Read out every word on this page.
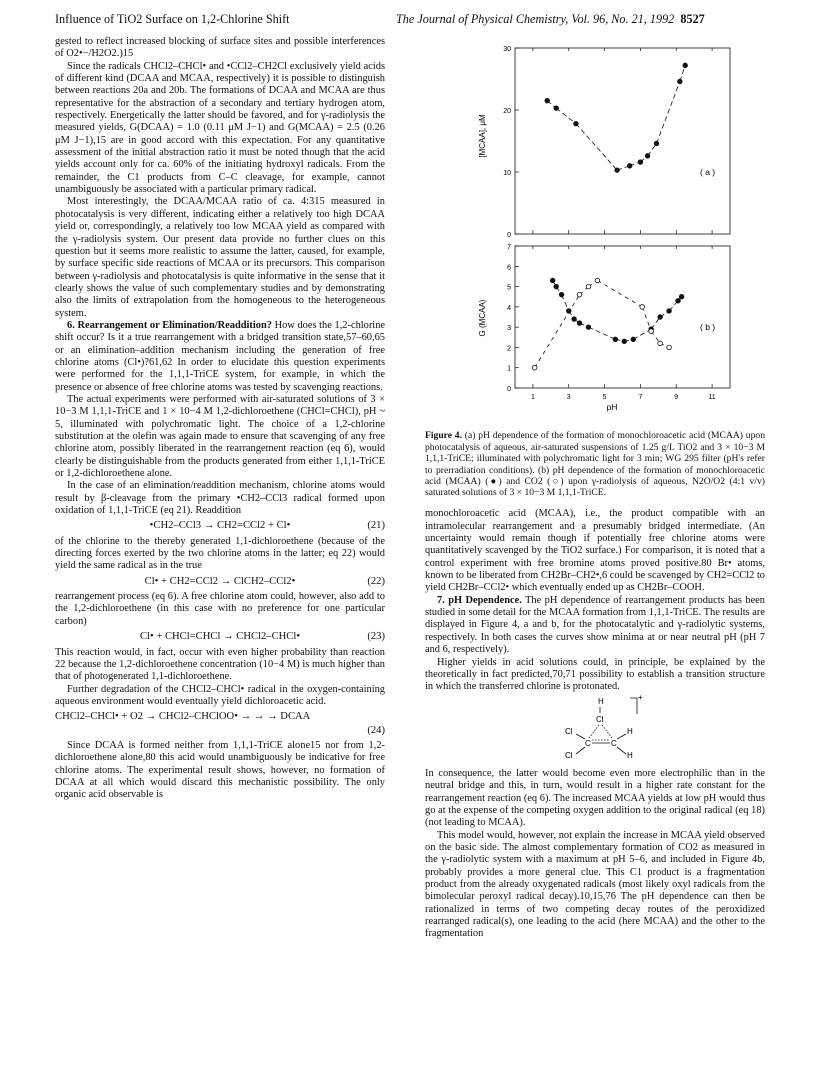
Influence of TiO2 Surface on 1,2-Chlorine Shift	The Journal of Physical Chemistry, Vol. 96, No. 21, 1992 8527

gested to reflect increased blocking of surface sites and possible interferences of O2•−/H2O2.)15

Since the radicals CHCl2–CHCl• and •CCl2–CH2Cl exclusively yield acids of different kind (DCAA and MCAA, respectively) it is possible to distinguish between reactions 20a and 20b. The formations of DCAA and MCAA are thus representative for the abstraction of a secondary and tertiary hydrogen atom, respectively. Energetically the latter should be favored, and for γ-radiolysis the measured yields, G(DCAA) = 1.0 (0.11 μM J−1) and G(MCAA) = 2.5 (0.26 μM J−1),15 are in good accord with this expectation. For any quantitative assessment of the initial abstraction ratio it must be noted though that the acid yields account only for ca. 60% of the initiating hydroxyl radicals. From the remainder, the C1 products from C–C cleavage, for example, cannot unambiguously be associated with a particular primary radical.

Most interestingly, the DCAA/MCAA ratio of ca. 4:315 measured in photocatalysis is very different, indicating either a relatively too high DCAA yield or, correspondingly, a relatively too low MCAA yield as compared with the γ-radiolysis system. Our present data provide no further clues on this question but it seems more realistic to assume the latter, caused, for example, by surface specific side reactions of MCAA or its precursors. This comparison between γ-radiolysis and photocatalysis is quite informative in the sense that it clearly shows the value of such complementary studies and by demonstrating also the limits of extrapolation from the homogeneous to the heterogeneous system.

6. Rearrangement or Elimination/Readdition? How does the 1,2-chlorine shift occur? Is it a true rearrangement with a bridged transition state,57–60,65 or an elimination–addition mechanism including the generation of free chlorine atoms (Cl•)?61,62 In order to elucidate this question experiments were performed for the 1,1,1-TriCE system, for example, in which the presence or absence of free chlorine atoms was tested by scavenging reactions.

The actual experiments were performed with air-saturated solutions of 3 × 10−3 M 1,1,1-TriCE and 1 × 10−4 M 1,2-dichloroethene (CHCl=CHCl), pH ~ 5, illuminated with polychromatic light. The choice of a 1,2-chlorine substitution at the olefin was again made to ensure that scavenging of any free chlorine atom, possibly liberated in the rearrangement reaction (eq 6), would clearly be distinguishable from the products generated from either 1,1,1-TriCE or 1,2-dichloroethene alone.

In the case of an elimination/readdition mechanism, chlorine atoms would result by β-cleavage from the primary •CH2–CCl3 radical formed upon oxidation of 1,1,1-TriCE (eq 21). Readdition

•CH2–CCl3 → CH2=CCl2 + Cl•	(21)

of the chlorine to the thereby generated 1,1-dichloroethene (because of the directing forces exerted by the two chlorine atoms in the latter; eq 22) would yield the same radical as in the true

Cl• + CH2=CCl2 → ClCH2–CCl2•	(22)

rearrangement process (eq 6). A free chlorine atom could, however, also add to the 1,2-dichloroethene (in this case with no preference for one particular carbon)

Cl• + CHCl=CHCl → CHCl2–CHCl•	(23)

This reaction would, in fact, occur with even higher probability than reaction 22 because the 1,2-dichloroethene concentration (10−4 M) is much higher than that of photogenerated 1,1-dichloroethene.

Further degradation of the CHCl2–CHCl• radical in the oxygen-containing aqueous environment would eventually yield dichloroacetic acid.

CHCl2–CHCl• + O2 → CHCl2–CHClOO• → → → DCAA
(24)

Since DCAA is formed neither from 1,1,1-TriCE alone15 nor from 1,2-dichloroethene alone,80 this acid would unambiguously be indicative for free chlorine atoms. The experimental result shows, however, no formation of DCAA at all which would discard this mechanistic possibility. The only organic acid observable is

0
10
20
30
0
1
2
3
4
5
6
7
1	3	5	7	9	11
[MCAA], μM
G (MCAA)
( a )
( b )
pH

Figure 4. (a) pH dependence of the formation of monochloroacetic acid (MCAA) upon photocatalysis of aqueous, air-saturated suspensions of 1.25 g/L TiO2 and 3 × 10−3 M 1,1,1-TriCE; illuminated with polychromatic light for 3 min; WG 295 filter (pH's refer to prerradiation conditions). (b) pH dependence of the formation of monochloroacetic acid (MCAA) (●) and CO2 (○) upon γ-radiolysis of aqueous, N2O/O2 (4:1 v/v) saturated solutions of 3 × 10−3 M 1,1,1-TriCE.

monochloroacetic acid (MCAA), i.e., the product compatible with an intramolecular rearrangement and a presumably bridged intermediate. (An uncertainty would remain though if potentially free chlorine atoms were quantitatively scavenged by the TiO2 surface.) For comparison, it is noted that a control experiment with free bromine atoms proved positive.80 Br• atoms, known to be liberated from CH2Br–CH2•,6 could be scavenged by CH2=CCl2 to yield CH2Br–CCl2• which eventually ended up as CH2Br–COOH.

7. pH Dependence. The pH dependence of rearrangement products has been studied in some detail for the MCAA formation from 1,1,1-TriCE. The results are displayed in Figure 4, a and b, for the photocatalytic and γ-radiolytic systems, respectively. In both cases the curves show minima at or near neutral pH (pH 7 and 6, respectively).

Higher yields in acid solutions could, in principle, be explained by the theoretically in fact predicted,70,71 possibility to establish a transition structure in which the transferred chlorine is protonated.

H
Cl
C	C
Cl
Cl
H
H
+

In consequence, the latter would become even more electrophilic than in the neutral bridge and this, in turn, would result in a higher rate constant for the rearrangement reaction (eq 6). The increased MCAA yields at low pH would thus go at the expense of the competing oxygen addition to the original radical (eq 18) (not leading to MCAA).

This model would, however, not explain the increase in MCAA yield observed on the basic side. The almost complementary formation of CO2 as measured in the γ-radiolytic system with a maximum at pH 5–6, and included in Figure 4b, probably provides a more general clue. This C1 product is a fragmentation product from the already oxygenated radicals (most likely oxyl radicals from the bimolecular peroxyl radical decay).10,15,76 The pH dependence can then be rationalized in terms of two competing decay routes of the peroxidized rearranged radical(s), one leading to the acid (here MCAA) and the other to the fragmentation
